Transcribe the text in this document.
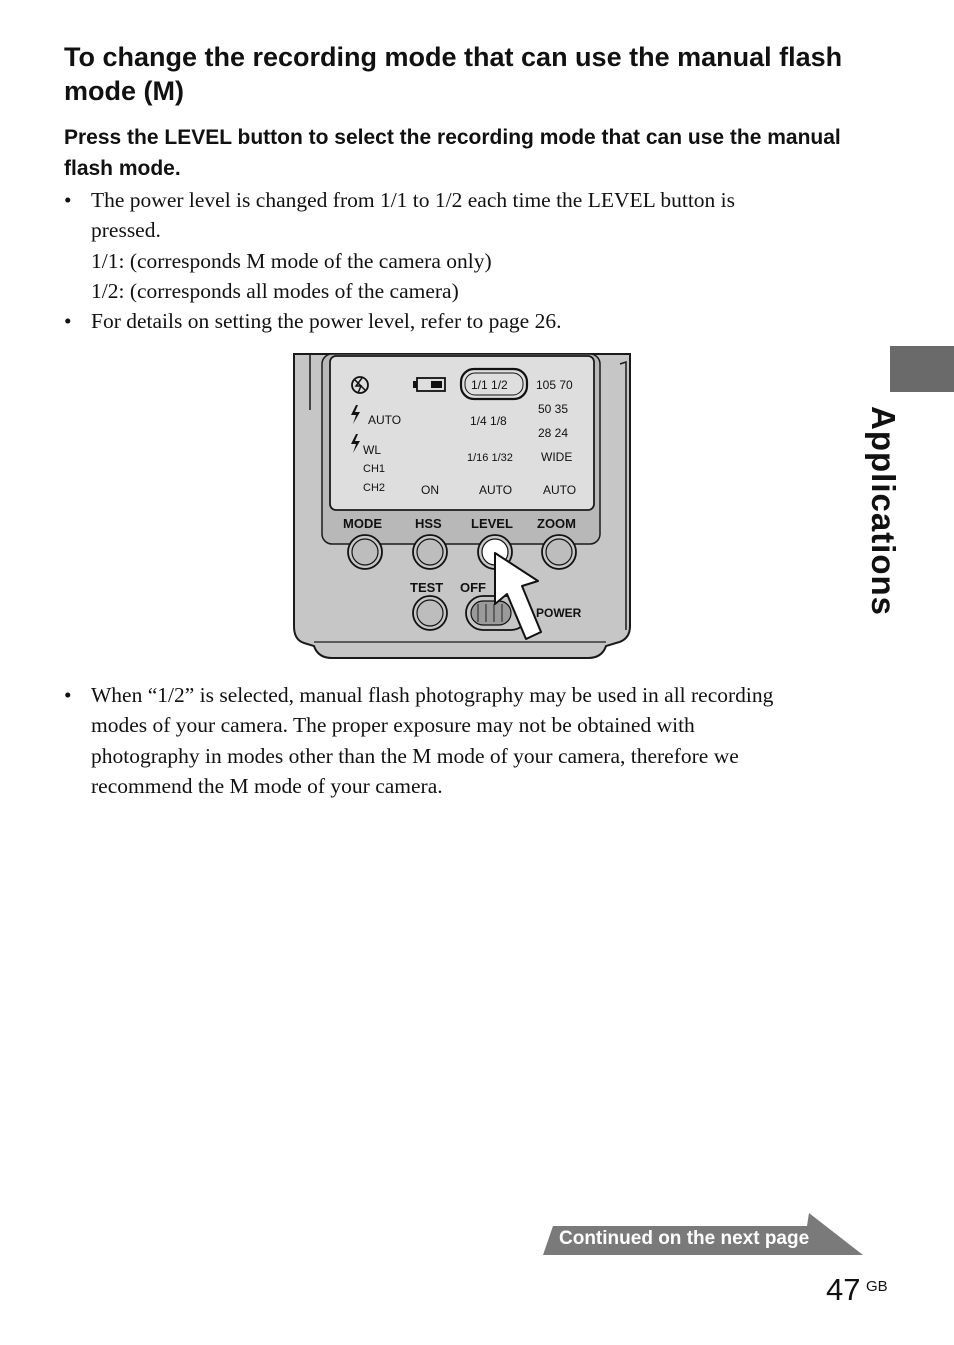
To change the recording mode that can use the manual flash mode (M)
Press the LEVEL button to select the recording mode that can use the manual flash mode.
• The power level is changed from 1/1 to 1/2 each time the LEVEL button is
pressed.
1/1: (corresponds M mode of the camera only)
1/2: (corresponds all modes of the camera)
• For details on setting the power level, refer to page 26.
AUTO
WL
CH1
CH2	ON
1/1 1/2
1/4 1/8
1/16 1/32
AUTO
105 70
50 35
28 24
WIDE
AUTO
MODE	HSS LEVEL ZOOM
TEST OFF
POWER
• When “1/2” is selected, manual flash photography may be used in all recording
modes of your camera. The proper exposure may not be obtained with
photography in modes other than the M mode of your camera, therefore we
recommend the M mode of your camera.
Applications
Continued on the next page
47 GB
